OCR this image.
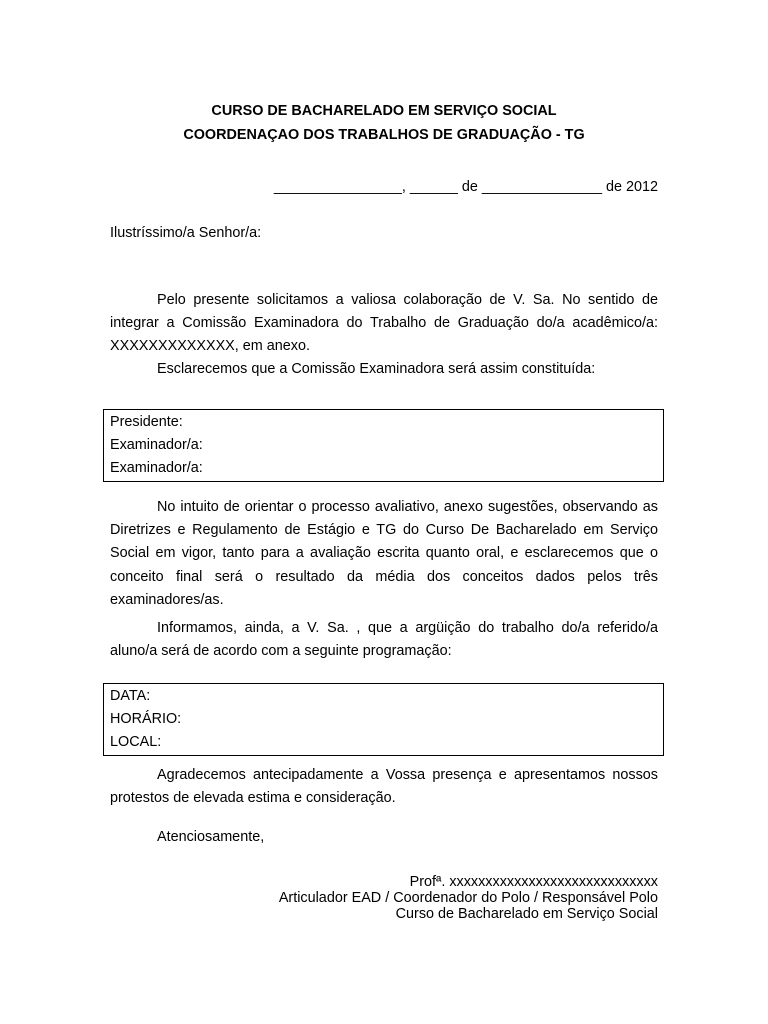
CURSO DE BACHARELADO EM SERVIÇO SOCIAL
COORDENAÇAO DOS TRABALHOS DE GRADUAÇÃO - TG
________________, ______ de _______________ de 2012
Ilustríssimo/a Senhor/a:

Pelo presente solicitamos a valiosa colaboração de V. Sa. No sentido de integrar a Comissão Examinadora do Trabalho de Graduação do/a acadêmico/a: XXXXXXXXXXXXX, em anexo.

Esclarecemos que a Comissão Examinadora será assim constituída:

Presidente:
Examinador/a:
Examinador/a:

No intuito de orientar o processo avaliativo, anexo sugestões, observando as Diretrizes e Regulamento de Estágio e TG do Curso De Bacharelado em Serviço Social em vigor, tanto para a avaliação escrita quanto oral, e esclarecemos que o conceito final será o resultado da média dos conceitos dados pelos três examinadores/as.

Informamos, ainda, a V. Sa. , que a argüição do trabalho do/a referido/a aluno/a será de acordo com a seguinte programação:

DATA:
HORÁRIO:
LOCAL:

Agradecemos antecipadamente a Vossa presença e apresentamos nossos protestos de elevada estima e consideração.

Atenciosamente,
Profª. xxxxxxxxxxxxxxxxxxxxxxxxxxxxx
Articulador EAD / Coordenador do Polo / Responsável Polo
Curso de Bacharelado em Serviço Social
